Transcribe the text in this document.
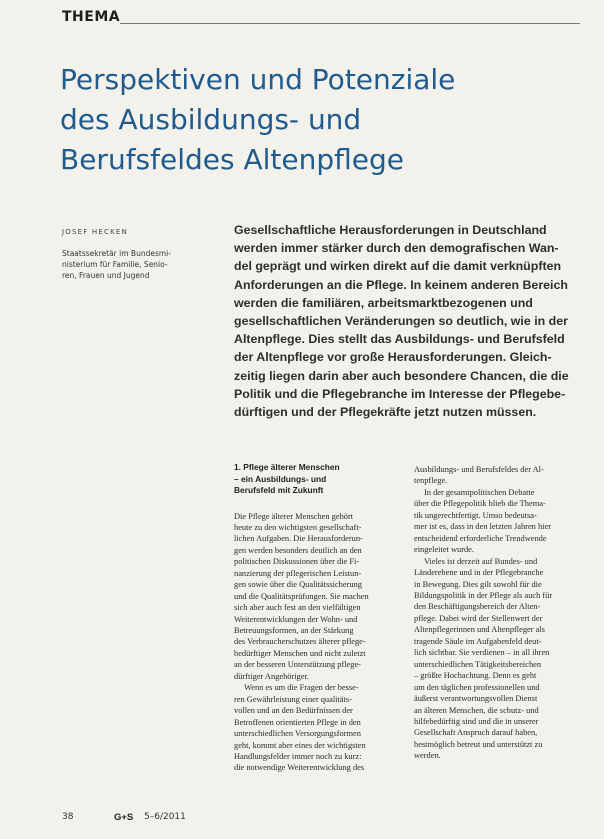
THEMA
Perspektiven und Potenziale
des Ausbildungs- und
Berufsfeldes Altenpflege
JOSEF HECKEN
Staatssekretär im Bundesmi-
nisterium für Familie, Senio-
ren, Frauen und Jugend
Gesellschaftliche Herausforderungen in Deutschland
werden immer stärker durch den demografischen Wan-
del geprägt und wirken direkt auf die damit verknüpften
Anforderungen an die Pflege. In keinem anderen Bereich
werden die familiären, arbeitsmarktbezogenen und
gesellschaftlichen Veränderungen so deutlich, wie in der
Altenpflege. Dies stellt das Ausbildungs- und Berufsfeld
der Altenpflege vor große Herausforderungen. Gleich-
zeitig liegen darin aber auch besondere Chancen, die die
Politik und die Pflegebranche im Interesse der Pflegebe-
dürftigen und der Pflegekräfte jetzt nutzen müssen.
1. Pflege älterer Menschen
– ein Ausbildungs- und
Berufsfeld mit Zukunft
Die Pflege älterer Menschen gehört
heute zu den wichtigsten gesellschaft-
lichen Aufgaben. Die Herausforderun-
gen werden besonders deutlich an den
politischen Diskussionen über die Fi-
nanzierung der pflegerischen Leistun-
gen sowie über die Qualitätssicherung
und die Qualitätsprüfungen. Sie machen
sich aber auch fest an den vielfältigen
Weiterentwicklungen der Wohn- und
Betreuungsformen, an der Stärkung
des Verbraucherschutzes älterer pflege-
bedürftiger Menschen und nicht zuletzt
an der besseren Unterstützung pflege-
dürftiger Angehöriger.
Wenn es um die Fragen der besse-
ren Gewährleistung einer qualitäts-
vollen und an den Bedürfnissen der
Betroffenen orientierten Pflege in den
unterschiedlichen Versorgungsformen
geht, kommt aber eines der wichtigsten
Handlungsfelder immer noch zu kurz:
die notwendige Weiterentwicklung des
Ausbildungs- und Berufsfeldes der Al-
tenpflege.
In der gesamtpolitischen Debatte
über die Pflegepolitik blieb die Thema-
tik ungerechtfertigt. Umso bedeutsa-
mer ist es, dass in den letzten Jahren hier
entscheidend erforderliche Trendwende
eingeleitet wurde.
Vieles ist derzeit auf Bundes- und
Länderebene und in der Pflegebranche
in Bewegung. Dies gilt sowohl für die
Bildungspolitik in der Pflege als auch für
den Beschäftigungsbereich der Alten-
pflege. Dabei wird der Stellenwert der
Altenpflegerinnen und Altenpfleger als
tragende Säule im Aufgabenfeld deut-
lich sichtbar. Sie verdienen – in all ihren
unterschiedlichen Tätigkeitsbereichen
– größte Hochachtung. Denn es geht
um den täglichen professionellen und
äußerst verantwortungsvollen Dienst
an älteren Menschen, die schutz- und
hilfebedürftig sind und die in unserer
Gesellschaft Anspruch darauf haben,
bestmöglich betreut und unterstützt zu
werden.
38	G+S 5–6/2011
